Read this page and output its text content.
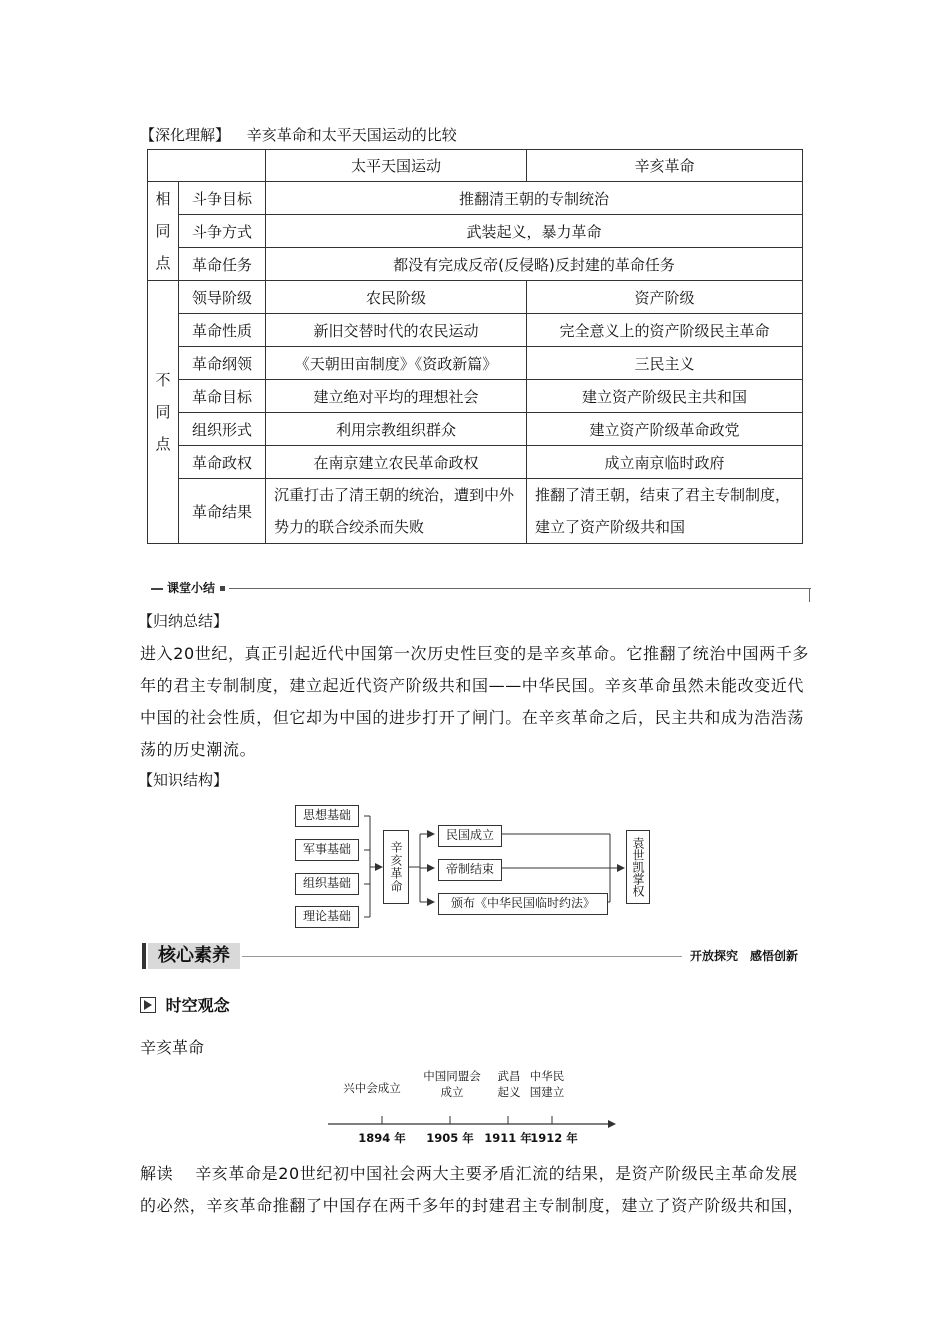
【深化理解】 辛亥革命和太平天国运动的比较
		太平天国运动	辛亥革命
相
同
点	斗争目标	推翻清王朝的专制统治	
	斗争方式	武装起义，暴力革命	
	革命任务	都没有完成反帝(反侵略)反封建的革命任务	
不
同
点	领导阶级	农民阶级	资产阶级
	革命性质	新旧交替时代的农民运动	完全意义上的资产阶级民主革命
	革命纲领	《天朝田亩制度》《资政新篇》	三民主义
	革命目标	建立绝对平均的理想社会	建立资产阶级民主共和国
	组织形式	利用宗教组织群众	建立资产阶级革命政党
	革命政权	在南京建立农民革命政权	成立南京临时政府
	革命结果	沉重打击了清王朝的统治，遭到中外势力的联合绞杀而失败	推翻了清王朝，结束了君主专制制度，建立了资产阶级共和国
课堂小结
【归纳总结】
进入20世纪，真正引起近代中国第一次历史性巨变的是辛亥革命。它推翻了统治中国两千多年的君主专制制度，建立起近代资产阶级共和国——中华民国。辛亥革命虽然未能改变近代中国的社会性质，但它却为中国的进步打开了闸门。在辛亥革命之后，民主共和成为浩浩荡荡的历史潮流。
【知识结构】
思想基础
军事基础
组织基础
理论基础
辛亥革命
民国成立
帝制结束
颁布《中华民国临时约法》
袁世凯掌权
核心素养	开放探究　感悟创新
时空观念
辛亥革命
兴中会成立
中国同盟会
成立
武昌
起义
中华民
国建立
1894 年 1905 年 1911 年
1912 年
解读 辛亥革命是20世纪初中国社会两大主要矛盾汇流的结果，是资产阶级民主革命发展的必然，辛亥革命推翻了中国存在两千多年的封建君主专制制度，建立了资产阶级共和国，
